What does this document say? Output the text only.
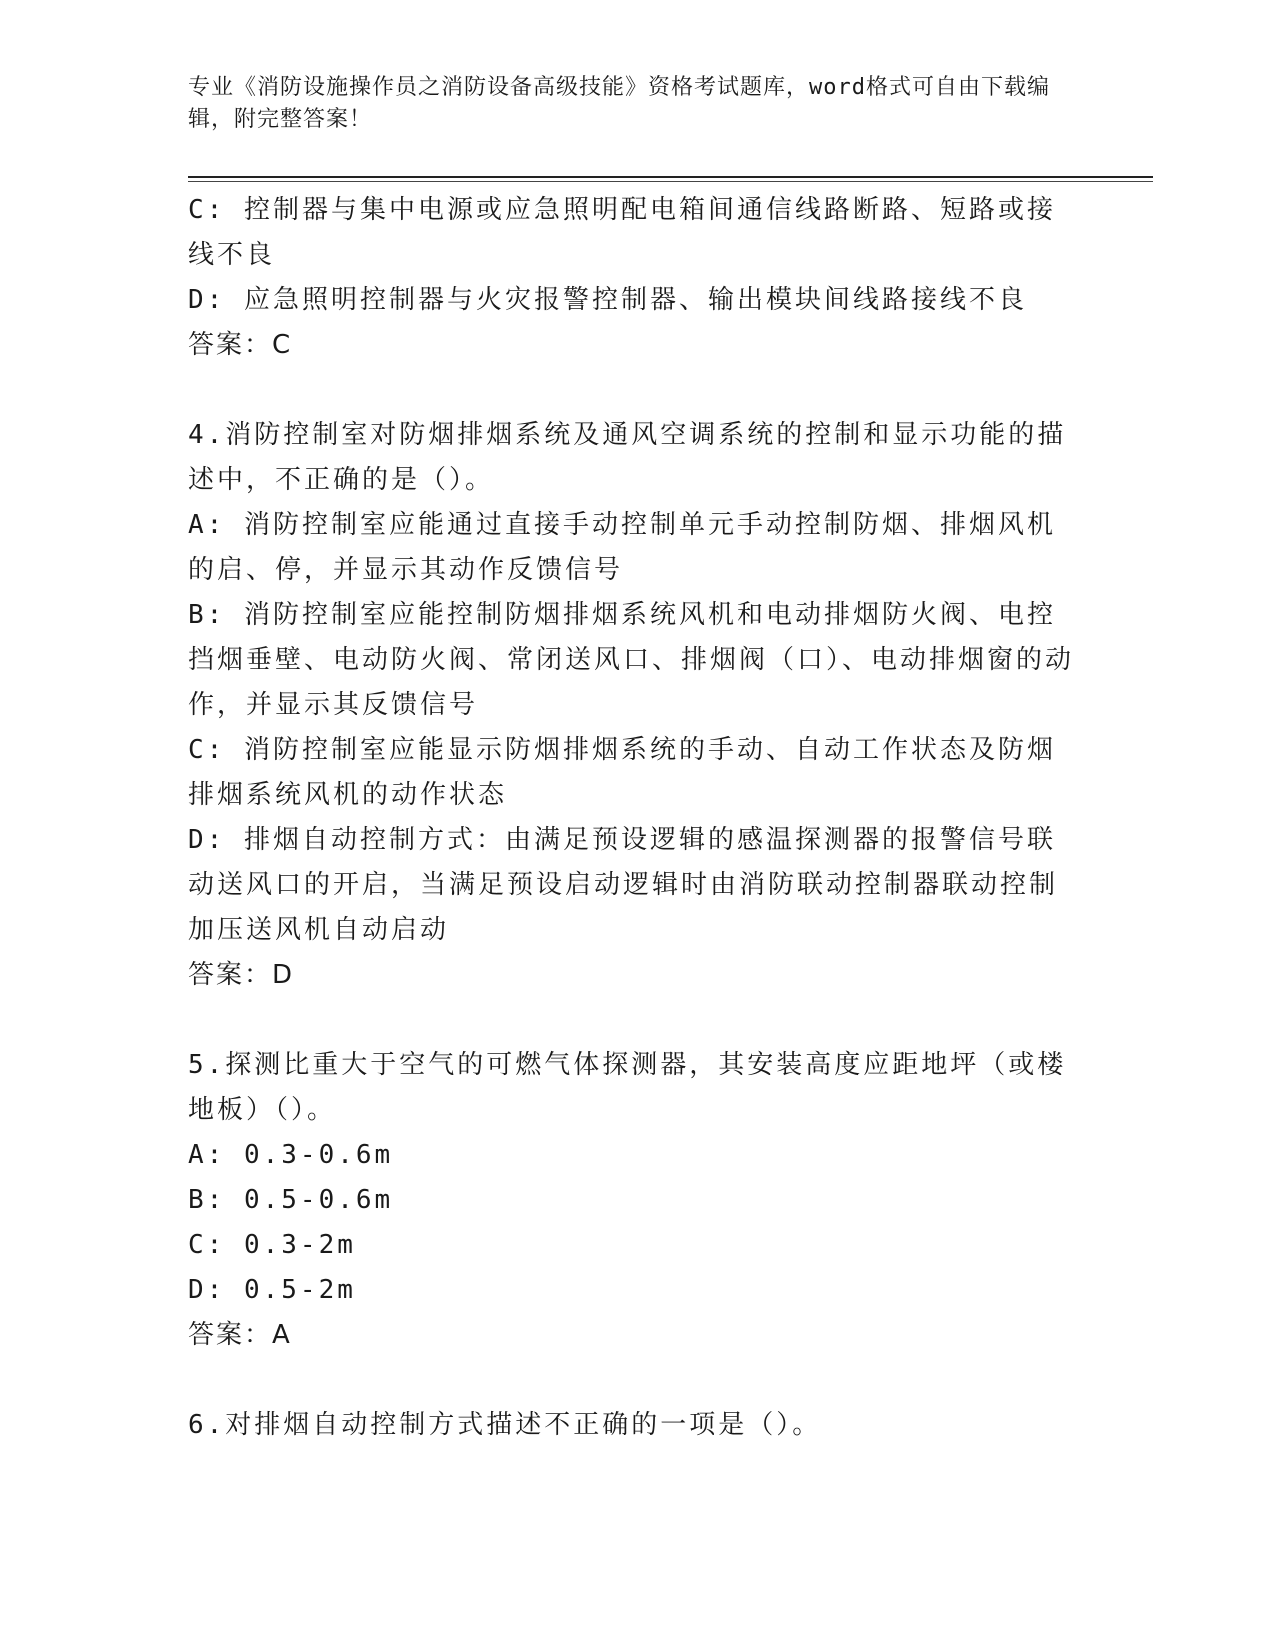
专业《消防设施操作员之消防设备高级技能》资格考试题库，word格式可自由下载编辑，附完整答案！

C: 控制器与集中电源或应急照明配电箱间通信线路断路、短路或接线不良

D: 应急照明控制器与火灾报警控制器、输出模块间线路接线不良

答案：C

4.消防控制室对防烟排烟系统及通风空调系统的控制和显示功能的描述中，不正确的是（）。

A: 消防控制室应能通过直接手动控制单元手动控制防烟、排烟风机的启、停，并显示其动作反馈信号

B: 消防控制室应能控制防烟排烟系统风机和电动排烟防火阀、电控挡烟垂壁、电动防火阀、常闭送风口、排烟阀（口）、电动排烟窗的动作，并显示其反馈信号

C: 消防控制室应能显示防烟排烟系统的手动、自动工作状态及防烟排烟系统风机的动作状态

D: 排烟自动控制方式：由满足预设逻辑的感温探测器的报警信号联动送风口的开启，当满足预设启动逻辑时由消防联动控制器联动控制加压送风机自动启动

答案：D

5.探测比重大于空气的可燃气体探测器，其安装高度应距地坪（或楼地板）（）。

A: 0.3-0.6m

B: 0.5-0.6m

C: 0.3-2m

D: 0.5-2m

答案：A

6.对排烟自动控制方式描述不正确的一项是（）。
